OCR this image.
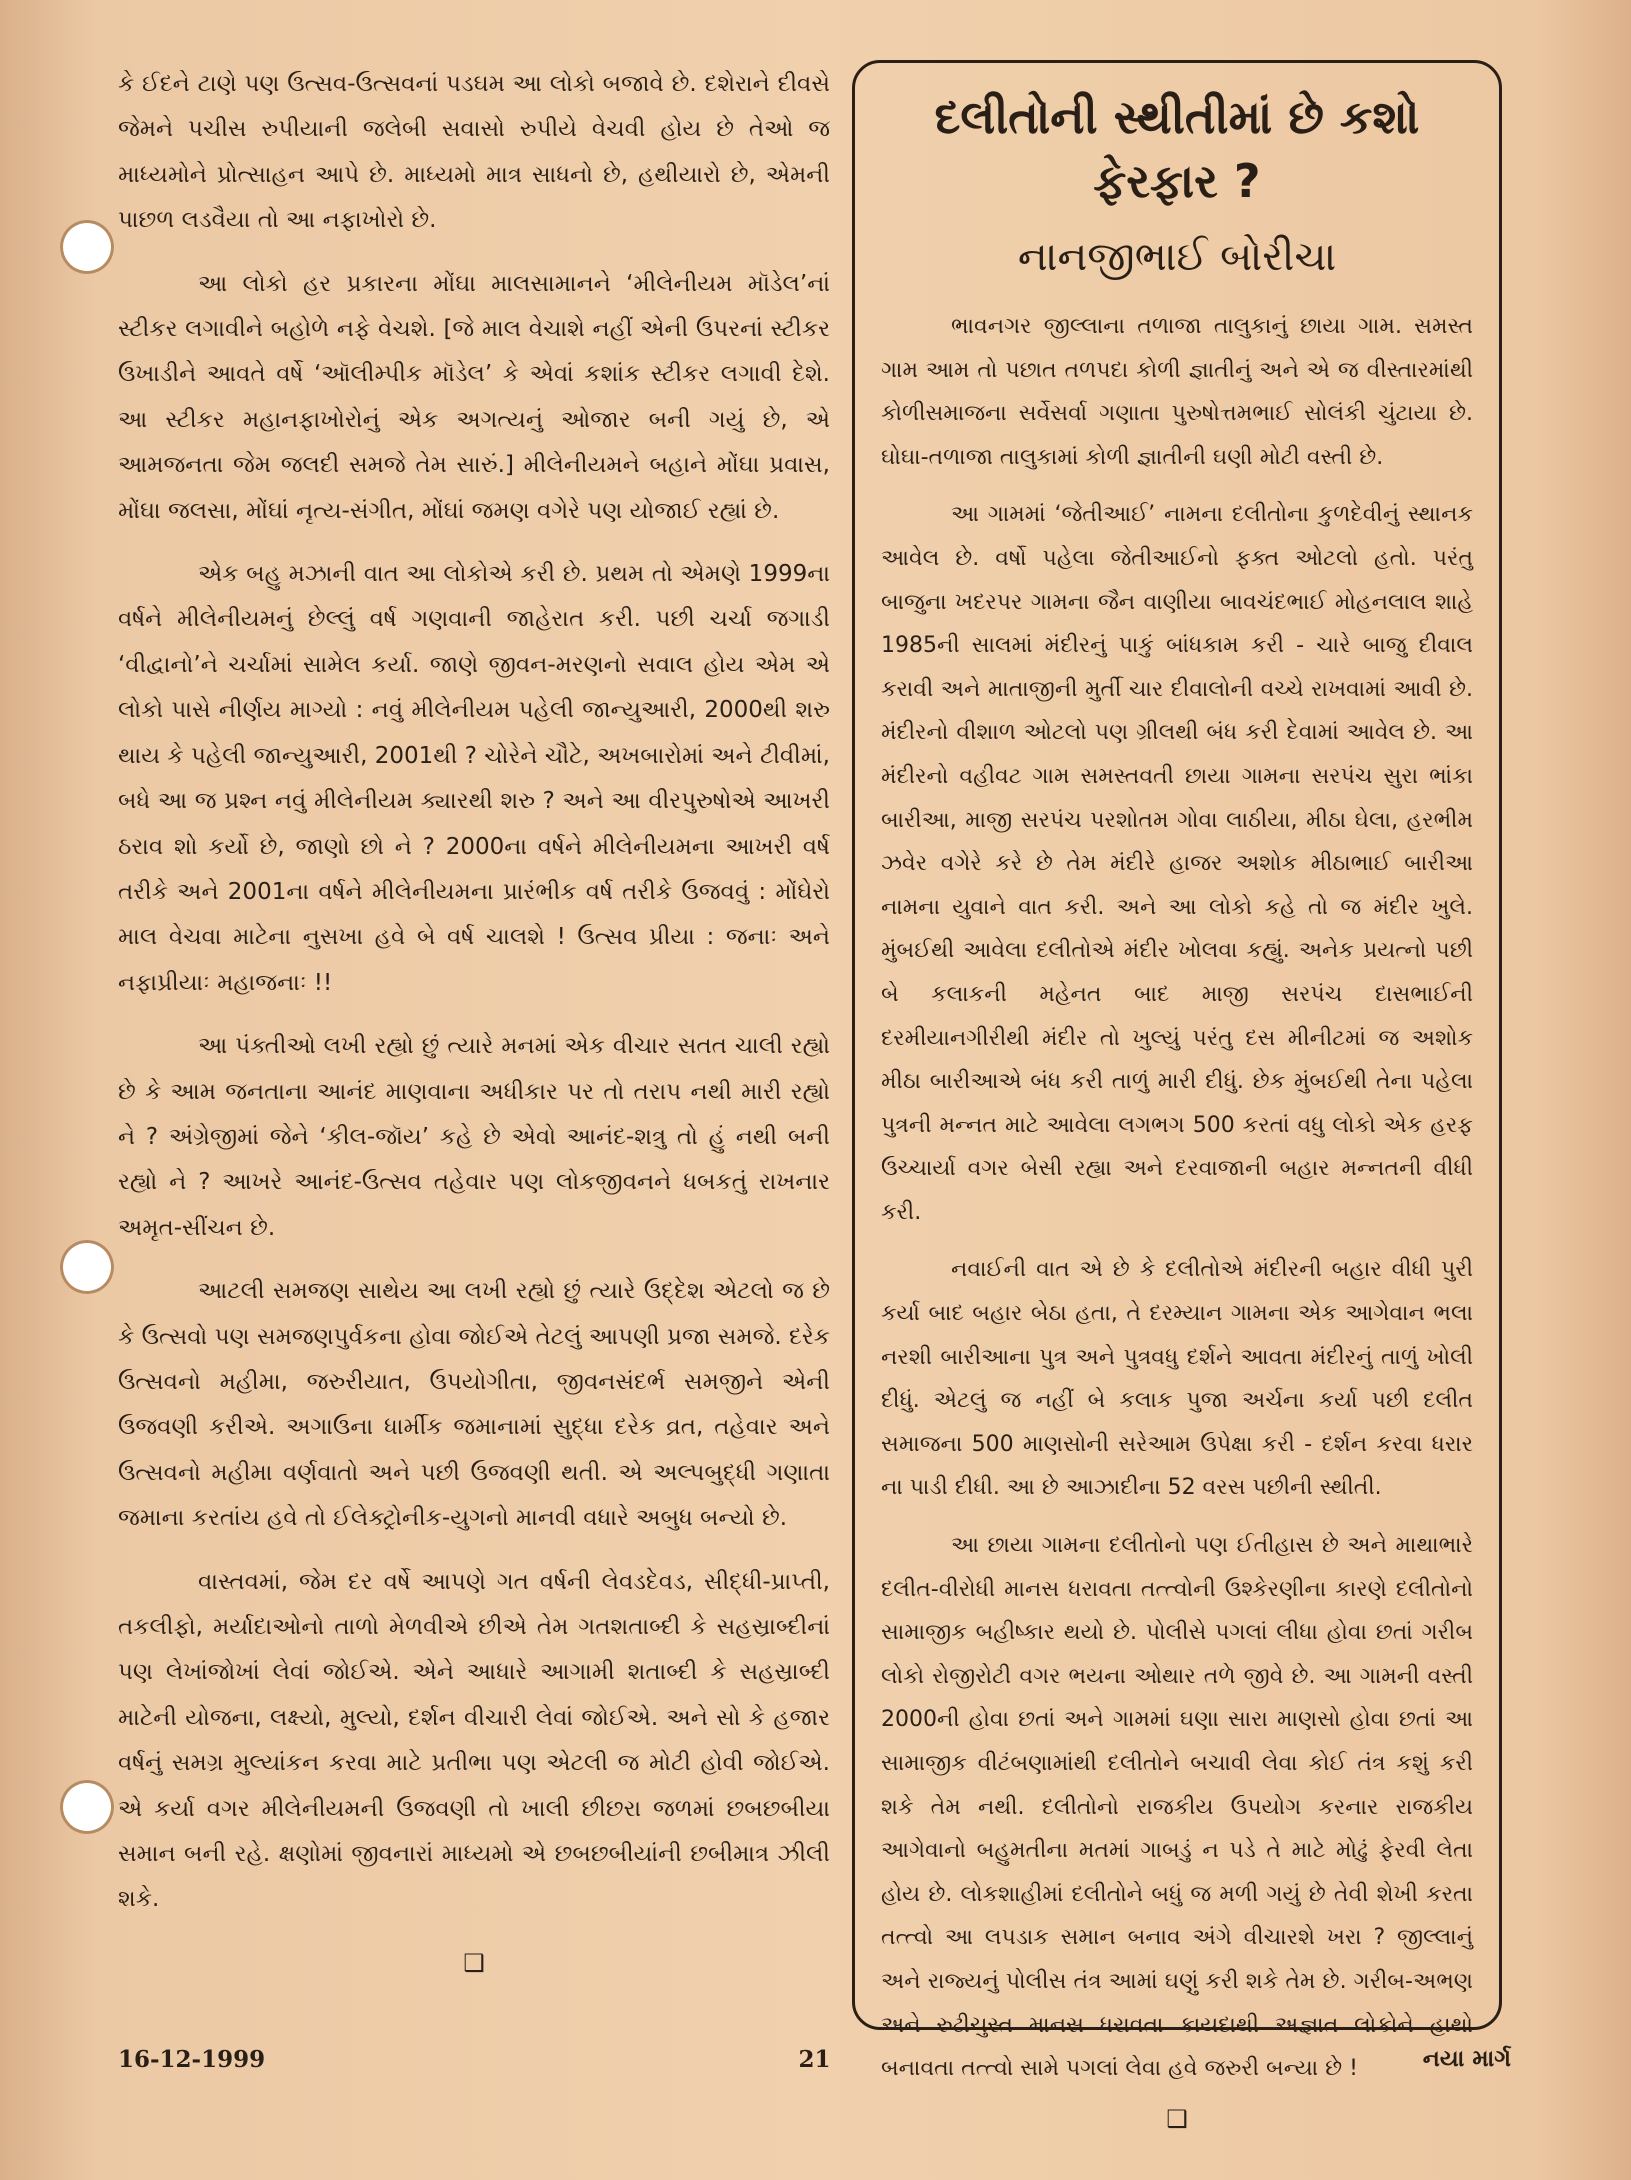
કે ઈદને ટાણે પણ ઉત્સવ-ઉત્સવનાં પડઘમ આ લોકો બજાવે છે. દશેરાને દીવસે જેમને પચીસ રુપીયાની જલેબી સવાસો રુપીયે વેચવી હોય છે તેઓ જ માધ્યમોને પ્રોત્સાહન આપે છે. માધ્યમો માત્ર સાધનો છે, હથીયારો છે, એમની પાછળ લડવૈયા તો આ નફાખોરો છે.

આ લોકો હર પ્રકારના મોંઘા માલસામાનને ‘મીલેનીયમ મૉડેલ’નાં સ્ટીકર લગાવીને બહોળે નફે વેચશે. [જે માલ વેચાશે નહીં એની ઉપરનાં સ્ટીકર ઉખાડીને આવતે વર્ષે ‘ઑલીમ્પીક મૉડેલ’ કે એવાં કશાંક સ્ટીકર લગાવી દેશે. આ સ્ટીકર મહાનફાખોરોનું એક અગત્યનું ઓજાર બની ગયું છે, એ આમજનતા જેમ જલદી સમજે તેમ સારું.] મીલેનીયમને બહાને મોંઘા પ્રવાસ, મોંઘા જલસા, મોંઘાં નૃત્ય-સંગીત, મોંઘાં જમણ વગેરે પણ યોજાઈ રહ્યાં છે.

એક બહુ મઝાની વાત આ લોકોએ કરી છે. પ્રથમ તો એમણે 1999ના વર્ષને મીલેનીયમનું છેલ્લું વર્ષ ગણવાની જાહેરાત કરી. પછી ચર્ચા જગાડી ‘વીદ્વાનો’ને ચર્ચામાં સામેલ કર્યા. જાણે જીવન-મરણનો સવાલ હોય એમ એ લોકો પાસે નીર્ણય માગ્યો : નવું મીલેનીયમ પહેલી જાન્યુઆરી, 2000થી શરુ થાય કે પહેલી જાન્યુઆરી, 2001થી ? ચોરેને ચૌટે, અખબારોમાં અને ટીવીમાં, બધે આ જ પ્રશ્ન નવું મીલેનીયમ ક્યારથી શરુ ? અને આ વીરપુરુષોએ આખરી ઠરાવ શો કર્યો છે, જાણો છો ને ? 2000ના વર્ષને મીલેનીયમના આખરી વર્ષ તરીકે અને 2001ના વર્ષને મીલેનીયમના પ્રારંભીક વર્ષ તરીકે ઉજવવું : મોંઘેરો માલ વેચવા માટેના નુસખા હવે બે વર્ષ ચાલશે ! ઉત્સવ પ્રીયા : જનાઃ અને નફાપ્રીયાઃ મહાજનાઃ !!

આ પંક્તીઓ લખી રહ્યો છું ત્યારે મનમાં એક વીચાર સતત ચાલી રહ્યો છે કે આમ જનતાના આનંદ માણવાના અધીકાર પર તો તરાપ નથી મારી રહ્યો ને ? અંગ્રેજીમાં જેને ‘કીલ-જૉય’ કહે છે એવો આનંદ-શત્રુ તો હું નથી બની રહ્યો ને ? આખરે આનંદ-ઉત્સવ તહેવાર પણ લોકજીવનને ધબકતું રાખનાર અમૃત-સીંચન છે.

આટલી સમજણ સાથેય આ લખી રહ્યો છું ત્યારે ઉદ્દેશ એટલો જ છે કે ઉત્સવો પણ સમજણપુર્વકના હોવા જોઈએ તેટલું આપણી પ્રજા સમજે. દરેક ઉત્સવનો મહીમા, જરુરીયાત, ઉપયોગીતા, જીવનસંદર્ભ સમજીને એની ઉજવણી કરીએ. અગાઉના ધાર્મીક જમાનામાં સુદ્ધા દરેક વ્રત, તહેવાર અને ઉત્સવનો મહીમા વર્ણવાતો અને પછી ઉજવણી થતી. એ અલ્પબુદ્ધી ગણાતા જમાના કરતાંય હવે તો ઈલેક્ટ્રોનીક-યુગનો માનવી વધારે અબુધ બન્યો છે.

વાસ્તવમાં, જેમ દર વર્ષે આપણે ગત વર્ષની લેવડદેવડ, સીદ્ધી-પ્રાપ્તી, તકલીફો, મર્યાદાઓનો તાળો મેળવીએ છીએ તેમ ગતશતાબ્દી કે સહસ્રાબ્દીનાં પણ લેખાંજોખાં લેવાં જોઈએ. એને આધારે આગામી શતાબ્દી કે સહસ્રાબ્દી માટેની યોજના, લક્ષ્યો, મુલ્યો, દર્શન વીચારી લેવાં જોઈએ. અને સો કે હજાર વર્ષનું સમગ્ર મુલ્યાંકન કરવા માટે પ્રતીભા પણ એટલી જ મોટી હોવી જોઈએ. એ કર્યા વગર મીલેનીયમની ઉજવણી તો ખાલી છીછરા જળમાં છબછબીયા સમાન બની રહે. ક્ષણોમાં જીવનારાં માધ્યમો એ છબછબીયાંની છબીમાત્ર ઝીલી શકે.

❑
દલીતોની સ્થીતીમાં છે કશો ફેરફાર ?
નાનજીભાઈ બોરીચા

ભાવનગર જીલ્લાના તળાજા તાલુકાનું છાયા ગામ. સમસ્ત ગામ આમ તો પછાત તળપદા કોળી જ્ઞાતીનું અને એ જ વીસ્તારમાંથી કોળીસમાજના સર્વેસર્વા ગણાતા પુરુષોત્તમભાઈ સોલંકી ચુંટાયા છે. ઘોઘા-તળાજા તાલુકામાં કોળી જ્ઞાતીની ઘણી મોટી વસ્તી છે.

આ ગામમાં ‘જેતીઆઈ’ નામના દલીતોના કુળદેવીનું સ્થાનક આવેલ છે. વર્ષો પહેલા જેતીઆઈનો ફક્ત ઓટલો હતો. પરંતુ બાજુના ખદરપર ગામના જૈન વાણીયા બાવચંદભાઈ મોહનલાલ શાહે 1985ની સાલમાં મંદીરનું પાકું બાંધકામ કરી - ચારે બાજુ દીવાલ કરાવી અને માતાજીની મુર્તી ચાર દીવાલોની વચ્ચે રાખવામાં આવી છે. મંદીરનો વીશાળ ઓટલો પણ ગ્રીલથી બંધ કરી દેવામાં આવેલ છે. આ મંદીરનો વહીવટ ગામ સમસ્તવતી છાયા ગામના સરપંચ સુરા ભાંકા બારીઆ, માજી સરપંચ પરશોતમ ગોવા લાઠીયા, મીઠા ઘેલા, હરભીમ ઝવેર વગેરે કરે છે તેમ મંદીરે હાજર અશોક મીઠાભાઈ બારીઆ નામના યુવાને વાત કરી. અને આ લોકો કહે તો જ મંદીર ખુલે. મુંબઈથી આવેલા દલીતોએ મંદીર ખોલવા કહ્યું. અનેક પ્રયત્નો પછી બે કલાકની મહેનત બાદ માજી સરપંચ દાસભાઈની દરમીયાનગીરીથી મંદીર તો ખુલ્યું પરંતુ દસ મીનીટમાં જ અશોક મીઠા બારીઆએ બંધ કરી તાળું મારી દીધું. છેક મુંબઈથી તેના પહેલા પુત્રની મન્નત માટે આવેલા લગભગ 500 કરતાં વધુ લોકો એક હરફ ઉચ્ચાર્યા વગર બેસી રહ્યા અને દરવાજાની બહાર મન્નતની વીધી કરી.

નવાઈની વાત એ છે કે દલીતોએ મંદીરની બહાર વીધી પુરી કર્યા બાદ બહાર બેઠા હતા, તે દરમ્યાન ગામના એક આગેવાન ભલા નરશી બારીઆના પુત્ર અને પુત્રવધુ દર્શને આવતા મંદીરનું તાળું ખોલી દીધું. એટલું જ નહીં બે કલાક પુજા અર્ચના કર્યા પછી દલીત સમાજના 500 માણસોની સરેઆમ ઉપેક્ષા કરી - દર્શન કરવા ધરાર ના પાડી દીધી. આ છે આઝાદીના 52 વરસ પછીની સ્થીતી.

આ છાયા ગામના દલીતોનો પણ ઈતીહાસ છે અને માથાભારે દલીત-વીરોધી માનસ ધરાવતા તત્ત્વોની ઉશ્કેરણીના કારણે દલીતોનો સામાજીક બહીષ્કાર થયો છે. પોલીસે પગલાં લીધા હોવા છતાં ગરીબ લોકો રોજીરોટી વગર ભયના ઓથાર તળે જીવે છે. આ ગામની વસ્તી 2000ની હોવા છતાં અને ગામમાં ઘણા સારા માણસો હોવા છતાં આ સામાજીક વીટંબણામાંથી દલીતોને બચાવી લેવા કોઈ તંત્ર કશું કરી શકે તેમ નથી. દલીતોનો રાજકીય ઉપયોગ કરનાર રાજકીય આગેવાનો બહુમતીના મતમાં ગાબડું ન પડે તે માટે મોઢું ફેરવી લેતા હોય છે. લોકશાહીમાં દલીતોને બધું જ મળી ગયું છે તેવી શેખી કરતા તત્ત્વો આ લપડાક સમાન બનાવ અંગે વીચારશે ખરા ? જીલ્લાનું અને રાજ્યનું પોલીસ તંત્ર આમાં ઘણું કરી શકે તેમ છે. ગરીબ-અભણ અને રુઢીચુસ્ત માનસ ધરાવતા કાયદાથી અજ્ઞાત લોકોને હાથો બનાવતા તત્ત્વો સામે પગલાં લેવા હવે જરુરી બન્યા છે !

❑
16-12-1999	21	નયા માર્ગ
